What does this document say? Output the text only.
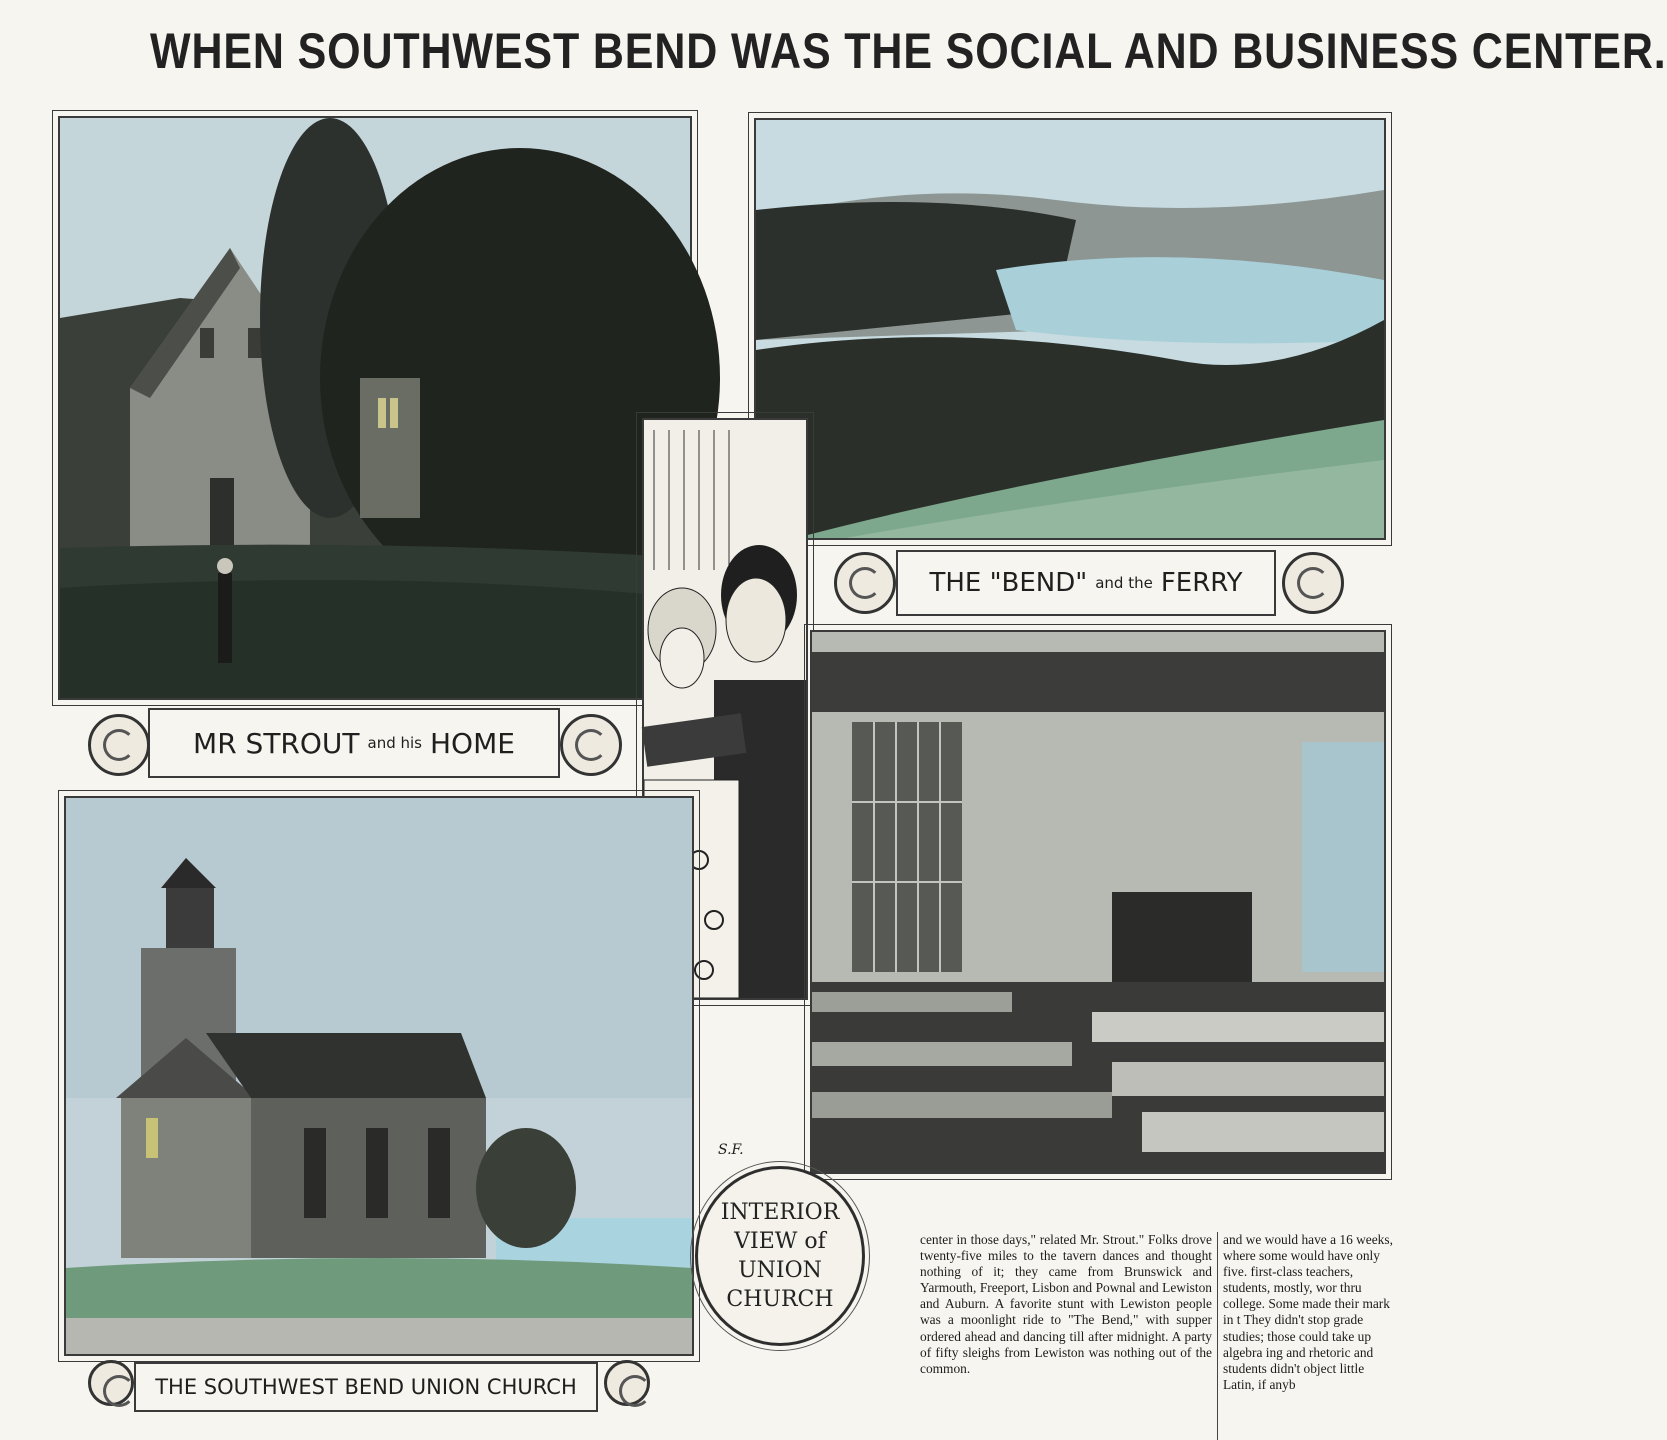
WHEN SOUTHWEST BEND WAS THE SOCIAL AND BUSINESS CENTER.
MR STROUT and his HOME
THE "BEND" and the FERRY
THE SOUTHWEST BEND UNION CHURCH
INTERIOR
VIEW of
UNION
CHURCH
S.F.

center in those days," related Mr. Strout." Folks drove twenty-five miles to the tavern dances and thought nothing of it; they came from Brunswick and Yarmouth, Freeport, Lisbon and Pownal and Lewiston and Auburn. A favorite stunt with Lewiston people was a moonlight ride to "The Bend," with supper ordered ahead and dancing till after midnight. A party of fifty sleighs from Lewiston was nothing out of the common.

and we would have a 16 weeks, where some would have only five. first-class teachers, students, mostly, wor thru college. Some made their mark in t They didn't stop grade studies; those could take up algebra ing and rhetoric and students didn't object little Latin, if anyb
